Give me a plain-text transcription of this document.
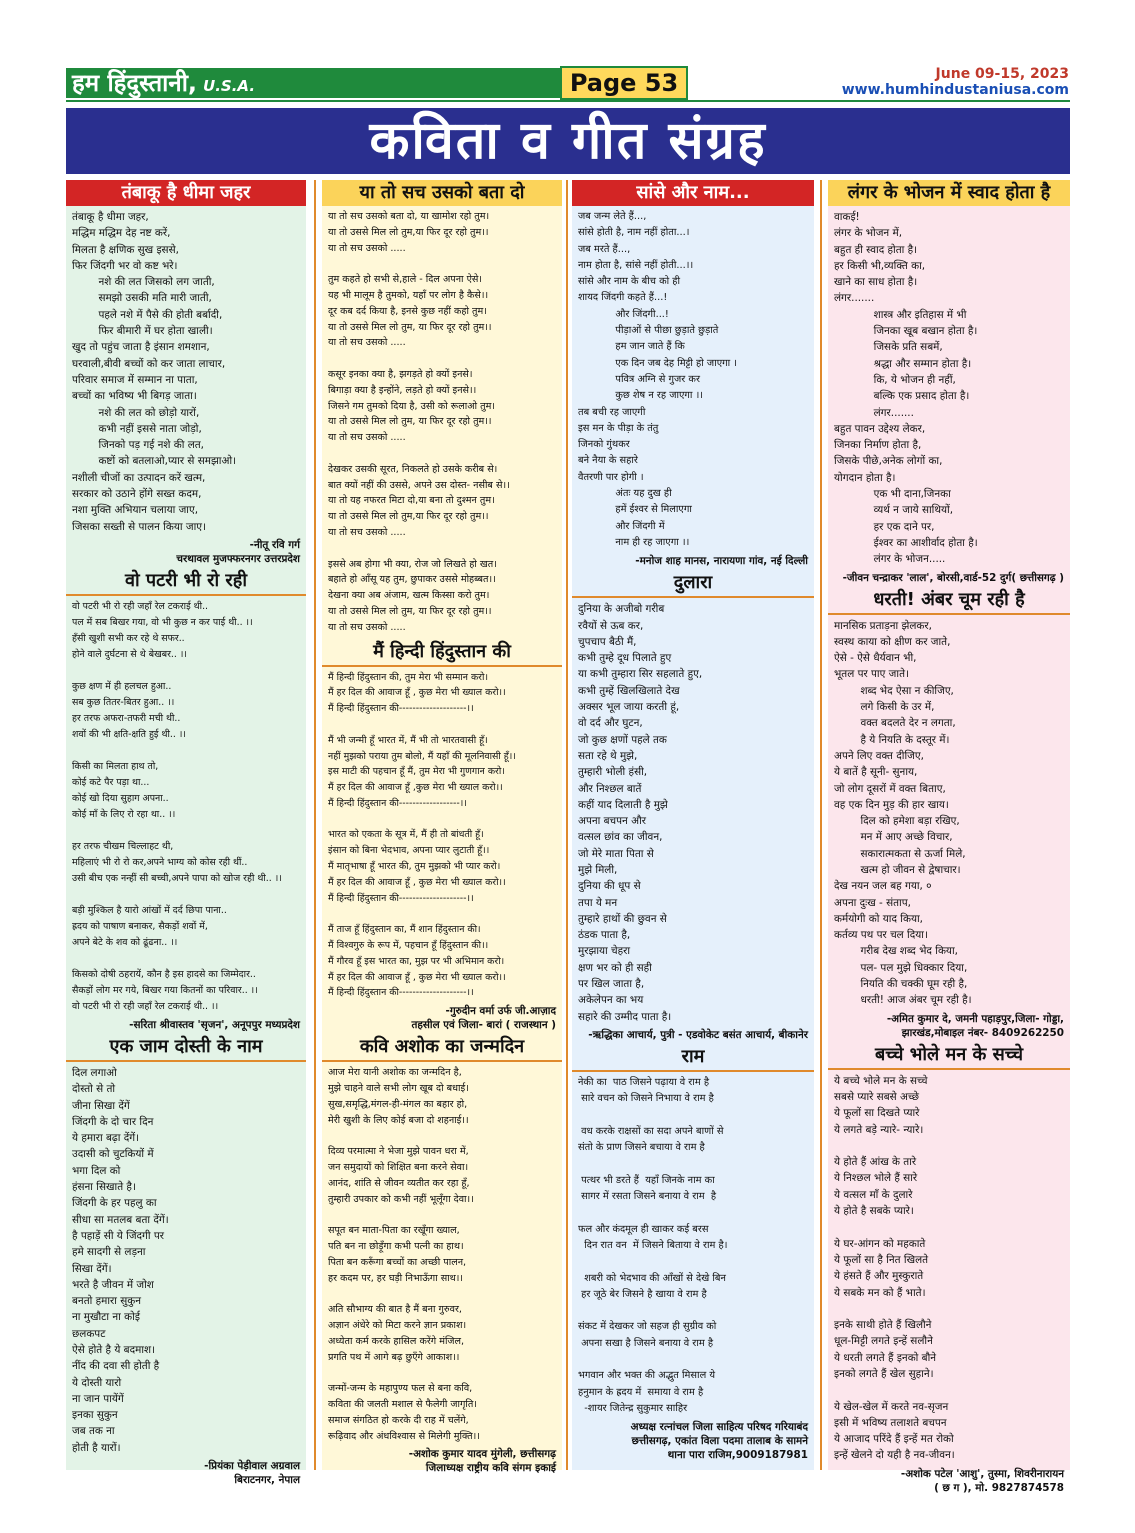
हम हिंदुस्तानी, U.S.A.	Page 53	June 09-15, 2023
www.humhindustaniusa.com
कविता व गीत संग्रह
तंबाकू है धीमा जहर
तंबाकू है धीमा जहर,
मद्धिम मद्धिम देह नष्ट करें,
मिलता है क्षणिक सुख इससे,
फिर जिंदगी भर वो कष्ट भरे।
नशे की लत जिसको लग जाती,
समझो उसकी मति मारी जाती,
पहले नशे में पैसे की होती बर्बादी,
फिर बीमारी में घर होता खाली।
खुद तो पहुंच जाता है इंसान शमशान,
घरवाली,बीवी बच्चों को कर जाता लाचार,
परिवार समाज में सम्मान ना पाता,
बच्चों का भविष्य भी बिगड़ जाता।
नशे की लत को छोड़ो यारों,
कभी नहीं इससे नाता जोड़ो,
जिनको पड़ गई नशे की लत,
कष्टों को बतलाओ,प्यार से समझाओ।
नशीली चीजों का उत्पादन करें खत्म,
सरकार को उठाने होंगे सख्त कदम,
नशा मुक्ति अभियान चलाया जाए,
जिसका सख्ती से पालन किया जाए।
-नीतू रवि गर्ग
चरथावल मुजफ्फरनगर उत्तरप्रदेश
वो पटरी भी रो रही
वो पटरी भी रो रही जहाँ रेल टकराई थी..
पल में सब बिखर गया, वो भी कुछ न कर पाई थी.. ।।
हँसी खुशी सभी कर रहे थे सफर..
होने वाले दुर्घटना से थे बेखबर.. ।।

कुछ क्षण में ही हलचल हुआ..
सब कुछ तितर-बितर हुआ.. ।।
हर तरफ अफरा-तफरी मची थी..
शवों की भी क्षति-क्षति हुई थी.. ।।

किसी का मिलता हाथ तो,
कोई कटे पैर पड़ा था...
कोई खो दिया सुहाग अपना..
कोई माँ के लिए रो रहा था.. ।।

हर तरफ चीखम चिल्लाहट थी,
महिलाएं भी रो रो कर,अपने भाग्य को कोस रही थीं..
उसी बीच एक नन्हीं सी बच्ची,अपने पापा को खोज रही थी.. ।।

बड़ी मुश्किल है यारो आंखों में दर्द छिपा पाना..
ह्रदय को पाषाण बनाकर, सैकड़ों शवों में,
अपने बेटे के शव को ढूंढना.. ।।

किसको दोषी ठहरायें, कौन है इस हादसे का जिम्मेदार..
सैकड़ों लोग मर गये, बिखर गया कितनों का परिवार.. ।।
वो पटरी भी रो रही जहाँ रेल टकराई थी.. ।।
-सरिता श्रीवास्तव 'सृजन', अनूपपुर मध्यप्रदेश
एक जाम दोस्ती के नाम
दिल लगाओ
दोस्तो से तो
जीना सिखा देंगें
जिंदगी के दो चार दिन
ये हमारा बढ़ा देंगें।
उदासी को चुटकियों में
भगा दिल को
हंसना सिखाते है।
जिंदगी के हर पहलु का
सीधा सा मतलब बता देंगें।
है पहाड़ें सी ये जिंदगी पर
हमे सादगी से लड़ना
सिखा देंगें।
भरते है जीवन में जोश
बनतो हमारा सुकुन
ना मुखौटा ना कोई
छलकपट
ऐसे होते है ये बदमाश।
नींद की दवा सी होती है
ये दोस्ती यारो
ना जान पायेंगें
इनका सुकुन
जब तक ना
होती है यारों।
-प्रियंका पेड़ीवाल अग्रवाल
बिराटनगर, नेपाल
या तो सच उसको बता दो
या तो सच उसको बता दो, या खामोश रहो तुम।
या तो उससे मिल लो तुम,या फिर दूर रहो तुम।।
या तो सच उसको .....

तुम कहते हो सभी से,हाले - दिल अपना ऐसे।
यह भी मालूम है तुमको, यहाँ पर लोग है कैसे।।
दूर कब दर्द किया है, इनसे कुछ नहीं कहो तुम।
या तो उससे मिल लो तुम, या फिर दूर रहो तुम।।
या तो सच उसको .....

कसूर इनका क्या है, झगड़ते हो क्यों इनसे।
बिगाड़ा क्या है इन्होंने, लड़ते हो क्यों इनसे।।
जिसने गम तुमको दिया है, उसी को रूलाओ तुम।
या तो उससे मिल लो तुम, या फिर दूर रहो तुम।।
या तो सच उसको .....

देखकर उसकी सूरत, निकलते हो उसके करीब से।
बात क्यों नहीं की उससे, अपने उस दोस्त- नसीब से।।
या तो यह नफरत मिटा दो,या बना तो दुश्मन तुम।
या तो उससे मिल लो तुम,या फिर दूर रहो तुम।।
या तो सच उसको .....

इससे अब होगा भी क्या, रोज जो लिखते हो खत।
बहाते हो आँसू यह तुम, छुपाकर उससे मोहब्बत।।
देखना क्या अब अंजाम, खत्म किस्सा करो तुम।
या तो उससे मिल लो तुम, या फिर दूर रहो तुम।।
या तो सच उसको .....
मैं हिन्दी हिंदुस्तान की
मैं हिन्दी हिंदुस्तान की, तुम मेरा भी सम्मान करो।
मैं हर दिल की आवाज हूँ , कुछ मेरा भी ख्याल करो।।
मैं हिन्दी हिंदुस्तान की--------------------।।

मैं भी जन्मी हूँ भारत में, मैं भी तो भारतवासी हूँ।
नहीं मुझको पराया तुम बोलो, मैं यहाँ की मूलनिवासी हूँ।।
इस माटी की पहचान हूँ मैं, तुम मेरा भी गुणगान करो।
मैं हर दिल की आवाज हूँ ,कुछ मेरा भी ख्याल करो।।
मैं हिन्दी हिंदुस्तान की------------------।।

भारत को एकता के सूत्र में, मैं ही तो बांधती हूँ।
इंसान को बिना भेदभाव, अपना प्यार लुटाती हूँ।।
मैं मातृभाषा हूँ भारत की, तुम मुझको भी प्यार करो।
मैं हर दिल की आवाज हूँ , कुछ मेरा भी ख्याल करो।।
मैं हिन्दी हिंदुस्तान की--------------------।।

मैं ताज हूँ हिंदुस्तान का, मैं शान हिंदुस्तान की।
मैं विश्वगुरु के रूप में, पहचान हूँ हिंदुस्तान की।।
मैं गौरव हूँ इस भारत का, मुझ पर भी अभिमान करो।
मैं हर दिल की आवाज हूँ , कुछ मेरा भी ख्याल करो।।
मैं हिन्दी हिंदुस्तान की--------------------।।
-गुरुदीन वर्मा उर्फ जी.आज़ाद
तहसील एवं जिला- बारां ( राजस्थान )
कवि अशोक का जन्मदिन
आज मेरा यानी अशोक का जन्मदिन है,
मुझे चाहने वाले सभी लोग खूब दो बधाई।
सुख,समृद्धि,मंगल-ही-मंगल का बहार हो,
मेरी खुशी के लिए कोई बजा दो शहनाई।।

दिव्य परमात्मा ने भेजा मुझे पावन धरा में,
जन समुदायों को शिक्षित बना करने सेवा।
आनंद, शांति से जीवन व्यतीत कर रहा हूँ,
तुम्हारी उपकार को कभी नहीं भूलूँगा देवा।।

सपूत बन माता-पिता का रखूँगा ख्याल,
पति बन ना छोड़ूँगा कभी पत्नी का हाथ।
पिता बन करूँगा बच्चों का अच्छी पालन,
हर कदम पर, हर घड़ी निभाऊँगा साथ।।

अति सौभाग्य की बात है मैं बना गुरुवर,
अज्ञान अंधेरे को मिटा करने ज्ञान प्रकाश।
अध्येता कर्म करके हासिल करेंगे मंजिल,
प्रगति पथ में आगे बढ़ छुएँगे आकाश।।

जन्मों-जन्म के महापुण्य फल से बना कवि,
कविता की जलती मशाल से फैलेगी जागृति।
समाज संगठित हो करके दी राह में चलेंगे,
रूढ़िवाद और अंधविश्वास से मिलेगी मुक्ति।।
-अशोक कुमार यादव मुंगेली, छत्तीसगढ़
जिलाध्यक्ष राष्ट्रीय कवि संगम इकाई
सांसे और नाम...
जब जन्म लेते हैं...,
सांसे होती है, नाम नहीं होता...।
जब मरते हैं...,
नाम होता है, सांसे नहीं होती...।।
सांसे और नाम के बीच को ही
शायद जिंदगी कहते हैं...!
और जिंदगी...!
पीड़ाओं से पीछा छुड़ाते छुड़ाते
हम जान जाते हैं कि
एक दिन जब देह मिट्टी हो जाएगा ।
पवित्र अग्नि से गुजर कर
कुछ शेष न रह जाएगा ।।
तब बची रह जाएगी
इस मन के पीड़ा के तंतु
जिनको गुंथकर
बने नैया के सहारे
वैतरणी पार होगी ।
अंतः यह दुख ही
हमें ईश्वर से मिलाएगा
और जिंदगी में
नाम ही रह जाएगा ।।
-मनोज शाह मानस, नारायणा गांव, नई दिल्ली
दुलारा
दुनिया के अजीबो गरीब
रवैयों से ऊब कर,
चुपचाप बैठी मैं,
कभी तुम्हे दूध पिलाते हुए
या कभी तुम्हारा सिर सहलाते हुए,
कभी तुम्हें खिलखिलाते देख
अक्सर भूल जाया करती हूं,
वो दर्द और घुटन,
जो कुछ क्षणों पहले तक
सता रहे थे मुझे,
तुम्हारी भोली हंसी,
और निश्छल बातें
कहीं याद दिलाती है मुझे
अपना बचपन और
वत्सल छांव का जीवन,
जो मेरे माता पिता से
मुझे मिली,
दुनिया की धूप से
तपा ये मन
तुम्हारे हाथों की छुवन से
ठंडक पाता है,
मुरझाया चेहरा
क्षण भर को ही सही
पर खिल जाता है,
अकेलेपन का भय
सहारे की उम्मीद पाता है।
-ऋद्धिका आचार्य, पुत्री - एडवोकेट बसंत आचार्य, बीकानेर
राम
नेकी का  पाठ जिसने पढ़ाया वे राम है
सारे वचन को जिसने निभाया वे राम है

वध करके राक्षसों का सदा अपने बाणों से
संतो के प्राण जिसने बचाया वे राम है

पत्थर भी डरते हैं  यहाँ जिनके नाम का
सागर में रसता जिसने बनाया वे राम  है

फल और कंदमूल ही खाकर कई बरस
दिन रात वन  में जिसने बिताया वे राम है।

शबरी को भेदभाव की आँखों से देखे बिन
हर जूठे बेर जिसने है खाया वे राम है

संकट में देखकर जो सहज ही सुग्रीव को
अपना सखा है जिसने बनाया वे राम है

भगवान और भक्त की अद्भुत मिसाल ये
हनुमान के ह्रदय में  समाया वे राम है
-शायर जितेन्द्र सुकुमार साहिर
अध्यक्ष रत्नांचल जिला साहित्य परिषद गरियाबंद
छत्तीसगढ़, एकांत विला पदमा तालाब के सामने
थाना पारा राजिम,9009187981
लंगर के भोजन में स्वाद होता है
वाकई!
लंगर के भोजन में,
बहुत ही स्वाद होता है।
हर किसी भी,व्यक्ति का,
खाने का साध होता है।
लंगर.......
शास्त्र और इतिहास में भी
जिनका खूब बखान होता है।
जिसके प्रति सबमें,
श्रद्धा और सम्मान होता है।
कि, ये भोजन ही नहीं,
बल्कि एक प्रसाद होता है।
लंगर.......
बहुत पावन उद्देश्य लेकर,
जिनका निर्माण होता है,
जिसके पीछे,अनेक लोगों का,
योगदान होता है।
एक भी दाना,जिनका
व्यर्थ न जाये साथियों,
हर एक दाने पर,
ईश्वर का आशीर्वाद होता है।
लंगर के भोजन.....
-जीवन चन्द्राकर 'लाल', बोरसी,वार्ड-52 दुर्ग( छत्तीसगढ़ )
धरती! अंबर चूम रही है
मानसिक प्रताड़ना झेलकर,
स्वस्थ काया को क्षीण कर जाते,
ऐसे - ऐसे धैर्यवान भी,
भूतल पर पाए जाते।
शब्द भेद ऐसा न कीजिए,
लगे किसी के उर में,
वक्त बदलते देर न लगता,
है ये नियति के दस्तूर में।
अपने लिए वक्त दीजिए,
ये बातें है सूनी- सुनाय,
जो लोग दूसरों में वक्त बिताए,
वह एक दिन मुड़ की हार खाय।
दिल को हमेशा बड़ा रखिए,
मन में आए अच्छे विचार,
सकारात्मकता से ऊर्जा मिले,
खत्म हो जीवन से द्वेषाचार।
देख नयन जल बह गया, ०
अपना दुःख - संताप,
कर्मयोगी को याद किया,
कर्तव्य पथ पर चल दिया।
गरीब देख शब्द भेद किया,
पल- पल मुझे धिक्कार दिया,
नियति की चक्की घूम रही है,
धरती! आज अंबर चूम रही है।
-अमित कुमार दे, जमनी पहाड़पुर,जिला- गोड्डा,
झारखंड,मोबाइल नंबर- 8409262250
बच्चे भोले मन के सच्चे
ये बच्चे भोले मन के सच्चे
सबसे प्यारे सबसे अच्छे
ये फूलों सा दिखते प्यारे
ये लगते बड़े न्यारे- न्यारे।

ये होते हैं आंख के तारे
ये निश्छल भोले हैं सारे
ये वत्सल माँ के दुलारे
ये होते है सबके प्यारे।

ये घर-आंगन को महकाते
ये फूलों सा है नित खिलते
ये हंसते हैं और मुस्कुराते
ये सबके मन को हैं भाते।

इनके साथी होते हैं खिलौने
धूल-मिट्टी लगते इन्हें सलौने
ये धरती लगते हैं इनको बौने
इनको लगते हैं खेल सुहाने।

ये खेल-खेल में करते नव-सृजन
इसी में भविष्य तलाशते बचपन
ये आजाद परिंदे हैं इन्हें मत रोको
इन्हें खेलने दो यही है नव-जीवन।
-अशोक पटेल 'आशु', तुस्मा, शिवरीनारायन
( छ ग ), मो. 9827874578
